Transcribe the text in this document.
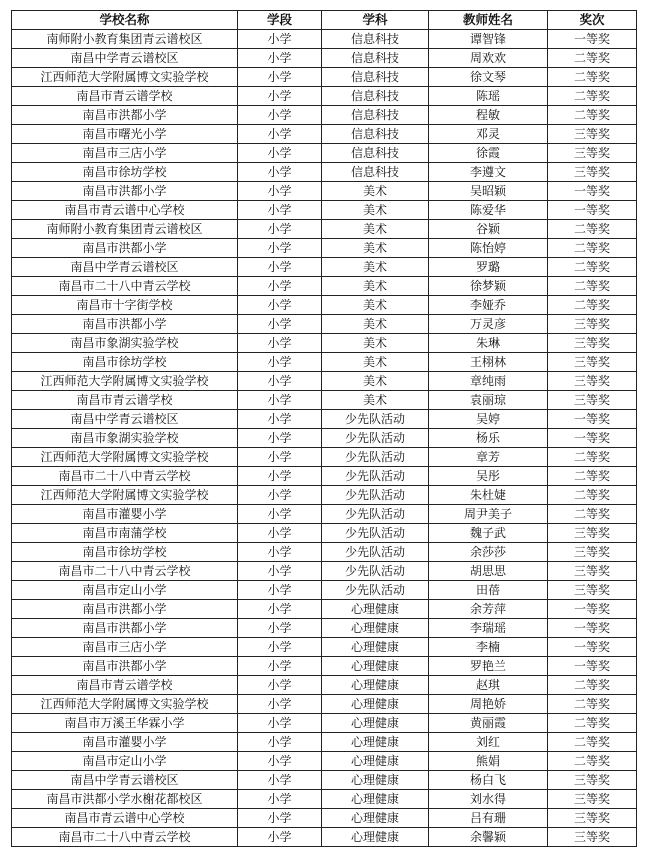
学校名称	学段	学科	教师姓名	奖次
南师附小教育集团青云谱校区	小学	信息科技	谭智锋	一等奖
南昌中学青云谱校区	小学	信息科技	周欢欢	二等奖
江西师范大学附属博文实验学校	小学	信息科技	徐文琴	二等奖
南昌市青云谱学校	小学	信息科技	陈瑶	二等奖
南昌市洪都小学	小学	信息科技	程敏	二等奖
南昌市曙光小学	小学	信息科技	邓灵	三等奖
南昌市三店小学	小学	信息科技	徐霞	三等奖
南昌市徐坊学校	小学	信息科技	李遵文	三等奖
南昌市洪都小学	小学	美术	吴昭颖	一等奖
南昌市青云谱中心学校	小学	美术	陈爱华	一等奖
南师附小教育集团青云谱校区	小学	美术	谷颖	二等奖
南昌市洪都小学	小学	美术	陈怡婷	二等奖
南昌中学青云谱校区	小学	美术	罗璐	二等奖
南昌市二十八中青云学校	小学	美术	徐梦颖	二等奖
南昌市十字街学校	小学	美术	李娅乔	二等奖
南昌市洪都小学	小学	美术	万灵彦	三等奖
南昌市象湖实验学校	小学	美术	朱琳	三等奖
南昌市徐坊学校	小学	美术	王栩林	三等奖
江西师范大学附属博文实验学校	小学	美术	章纯雨	三等奖
南昌市青云谱学校	小学	美术	袁丽琼	三等奖
南昌中学青云谱校区	小学	少先队活动	吴婷	一等奖
南昌市象湖实验学校	小学	少先队活动	杨乐	一等奖
江西师范大学附属博文实验学校	小学	少先队活动	章芳	二等奖
南昌市二十八中青云学校	小学	少先队活动	吴彤	二等奖
江西师范大学附属博文实验学校	小学	少先队活动	朱杜婕	二等奖
南昌市灌婴小学	小学	少先队活动	周尹美子	二等奖
南昌市南蒲学校	小学	少先队活动	魏子武	三等奖
南昌市徐坊学校	小学	少先队活动	余莎莎	三等奖
南昌市二十八中青云学校	小学	少先队活动	胡思思	三等奖
南昌市定山小学	小学	少先队活动	田蓓	三等奖
南昌市洪都小学	小学	心理健康	余芳萍	一等奖
南昌市洪都小学	小学	心理健康	李瑞瑶	一等奖
南昌市三店小学	小学	心理健康	李楠	一等奖
南昌市洪都小学	小学	心理健康	罗艳兰	一等奖
南昌市青云谱学校	小学	心理健康	赵琪	二等奖
江西师范大学附属博文实验学校	小学	心理健康	周艳娇	二等奖
南昌市万溪王华霖小学	小学	心理健康	黄丽霞	二等奖
南昌市灌婴小学	小学	心理健康	刘红	二等奖
南昌市定山小学	小学	心理健康	熊娟	二等奖
南昌中学青云谱校区	小学	心理健康	杨白飞	三等奖
南昌市洪都小学水榭花都校区	小学	心理健康	刘水得	三等奖
南昌市青云谱中心学校	小学	心理健康	吕有珊	三等奖
南昌市二十八中青云学校	小学	心理健康	余馨颖	三等奖
